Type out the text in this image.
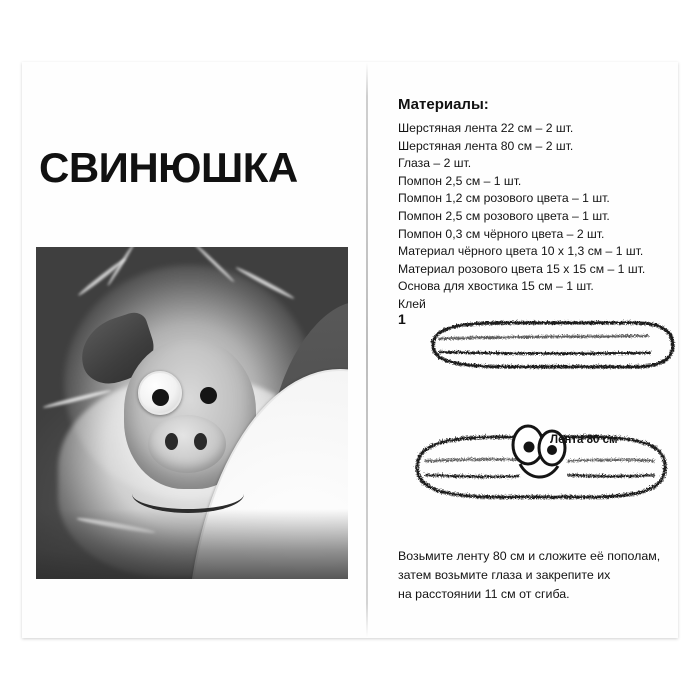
СВИНЮШКА
Материалы:
Шерстяная лента 22 см – 2 шт.
Шерстяная лента 80 см – 2 шт.
Глаза – 2 шт.
Помпон 2,5 см – 1 шт.
Помпон 1,2 см розового цвета – 1 шт.
Помпон 2,5 см розового цвета – 1 шт.
Помпон 0,3 см чёрного цвета – 2 шт.
Материал чёрного цвета 10 х 1,3 см – 1 шт.
Материал розового цвета 15 х 15 см – 1 шт.
Основа для хвостика 15 см – 1 шт.
Клей
1
Лента 80 см
Возьмите ленту 80 см и сложите её пополам,
затем возьмите глаза и закрепите их
на расстоянии 11 см от сгиба.
